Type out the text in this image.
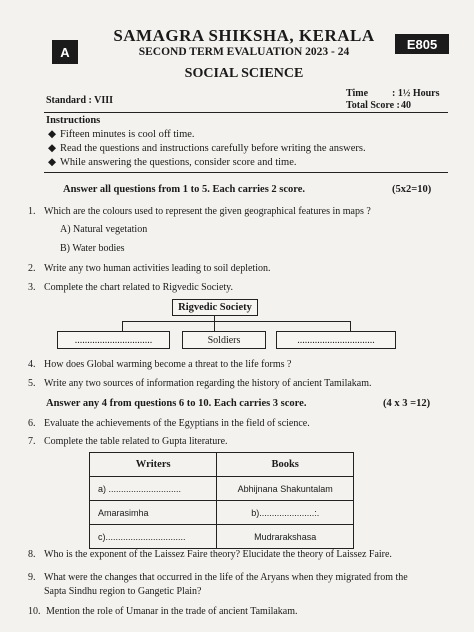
A
SAMAGRA SHIKSHA, KERALA
SECOND TERM EVALUATION 2023 - 24
E805
SOCIAL SCIENCE
Standard : VIII
Time : 1½ Hours
Total Score : 40
Instructions
◆ Fifteen minutes is cool off time.
◆ Read the questions and instructions carefully before writing the answers.
◆ While answering the questions, consider score and time.
Answer all questions from 1 to 5. Each carries 2 score.	(5x2=10)
1. Which are the colours used to represent the given geographical features in maps ?
A) Natural vegetation
B) Water bodies
2. Write any two human activities leading to soil depletion.
3. Complete the chart related to Rigvedic Society.
Rigvedic Society
...............................	Soldiers	...............................
4. How does Global warming become a threat to the life forms ?
5. Write any two sources of information regarding the history of ancient Tamilakam.
Answer any 4 from questions 6 to 10. Each carries 3 score.	(4 x 3 =12)
6. Evaluate the achievements of the Egyptians in the field of science.
7. Complete the table related to Gupta literature.
Writers	Books
a) .............................	Abhijnana Shakuntalam
Amarasimha	b)......................:.
c)................................	Mudrarakshasa
8. Who is the exponent of the Laissez Faire theory? Elucidate the theory of Laissez Faire.
9. What were the changes that occurred in the life of the Aryans when they migrated from the
Sapta Sindhu region to Gangetic Plain?
10. Mention the role of Umanar in the trade of ancient Tamilakam.
